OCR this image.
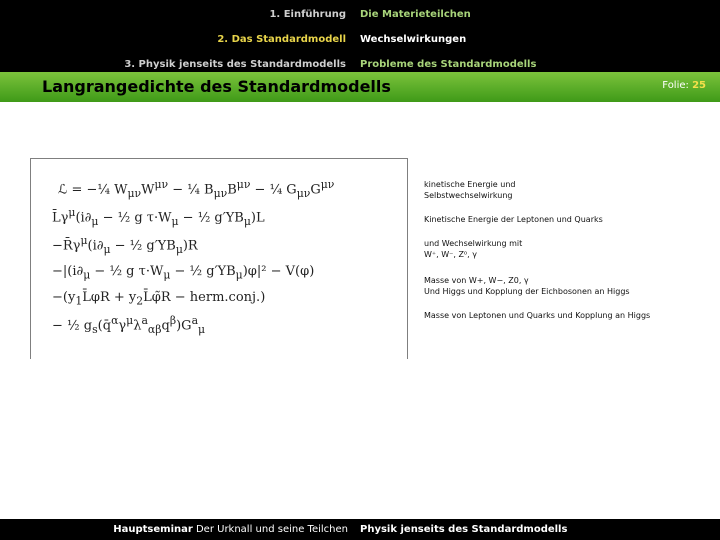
1. Einführung
2. Das Standardmodell
3. Physik jenseits des Standardmodells
Die Materieteilchen
Wechselwirkungen
Probleme des Standardmodells
Langrangedichte des Standardmodells	Folie: 25
ℒ = −¼ $W_{\mu\nu}W^{\mu\nu}$ − ¼ $B_{\mu\nu}B^{\mu\nu}$ − ¼ $G_{\mu\nu}G^{\mu\nu}$
$L̄\gamma^\mu(i\partial_\mu$ − ½ g $\tau\cdot W_\mu$ − ½ $g'YB_\mu)L$
$-R̄\gamma^\mu(i\partial_\mu$ − ½ $g'YB_\mu)R$
$-|(i\partial_\mu$ − ½ g $\tau\cdot W_\mu$ − ½ $g'YB_\mu)\varphi|^2 - V(\varphi)$
$-(y_1L̄\varphi R$ + $y_2L̄\varphĩR$ − herm.conj.)
− ½ $g_s(q̄^\alpha\gamma^\mu\lambda^a_{\alpha\beta}q^\beta)G^a_\mu$
kinetische Energie und
Selbstwechselwirkung
Kinetische Energie der Leptonen und Quarks
und Wechselwirkung mit
W⁺, W⁻, Z⁰, γ
Masse von W+, W−, Z0, γ
Und Higgs und Kopplung der Eichbosonen an Higgs
Masse von Leptonen und Quarks und Kopplung an Higgs
Hauptseminar Der Urknall und seine Teilchen	Physik jenseits des Standardmodells
